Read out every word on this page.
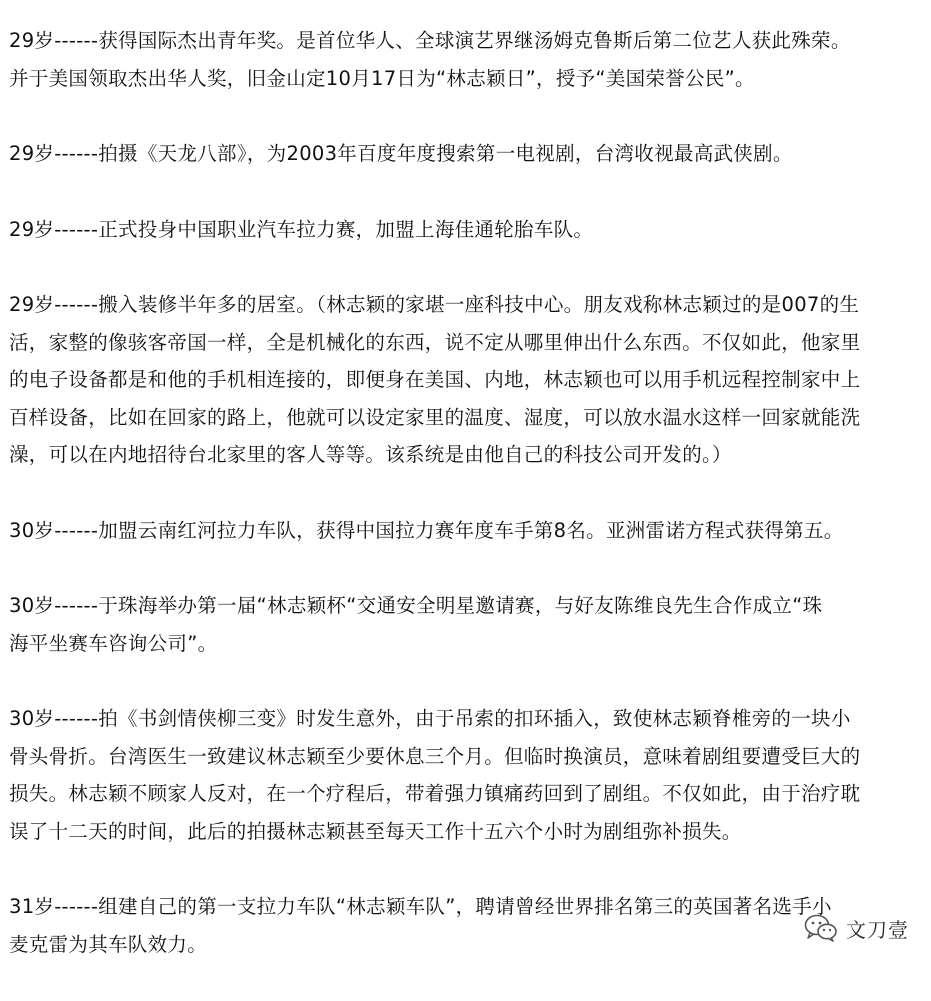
29岁------获得国际杰出青年奖。是首位华人、全球演艺界继汤姆克鲁斯后第二位艺人获此殊荣。
并于美国领取杰出华人奖，旧金山定10月17日为“林志颖日”，授予“美国荣誉公民”。

29岁------拍摄《天龙八部》，为2003年百度年度搜索第一电视剧，台湾收视最高武侠剧。

29岁------正式投身中国职业汽车拉力赛，加盟上海佳通轮胎车队。

29岁------搬入装修半年多的居室。（林志颖的家堪一座科技中心。朋友戏称林志颖过的是007的生
活，家整的像骇客帝国一样，全是机械化的东西，说不定从哪里伸出什么东西。不仅如此，他家里
的电子设备都是和他的手机相连接的，即便身在美国、内地，林志颖也可以用手机远程控制家中上
百样设备，比如在回家的路上，他就可以设定家里的温度、湿度，可以放水温水这样一回家就能洗
澡，可以在内地招待台北家里的客人等等。该系统是由他自己的科技公司开发的。）

30岁------加盟云南红河拉力车队，获得中国拉力赛年度车手第8名。亚洲雷诺方程式获得第五。

30岁------于珠海举办第一届“林志颖杯“交通安全明星邀请赛，与好友陈维良先生合作成立“珠
海平坐赛车咨询公司”。

30岁------拍《书剑情侠柳三变》时发生意外，由于吊索的扣环插入，致使林志颖脊椎旁的一块小
骨头骨折。台湾医生一致建议林志颖至少要休息三个月。但临时换演员，意味着剧组要遭受巨大的
损失。林志颖不顾家人反对，在一个疗程后，带着强力镇痛药回到了剧组。不仅如此，由于治疗耽
误了十二天的时间，此后的拍摄林志颖甚至每天工作十五六个小时为剧组弥补损失。

31岁------组建自己的第一支拉力车队“林志颖车队”，聘请曾经世界排名第三的英国著名选手小
麦克雷为其车队效力。

文刀壹
